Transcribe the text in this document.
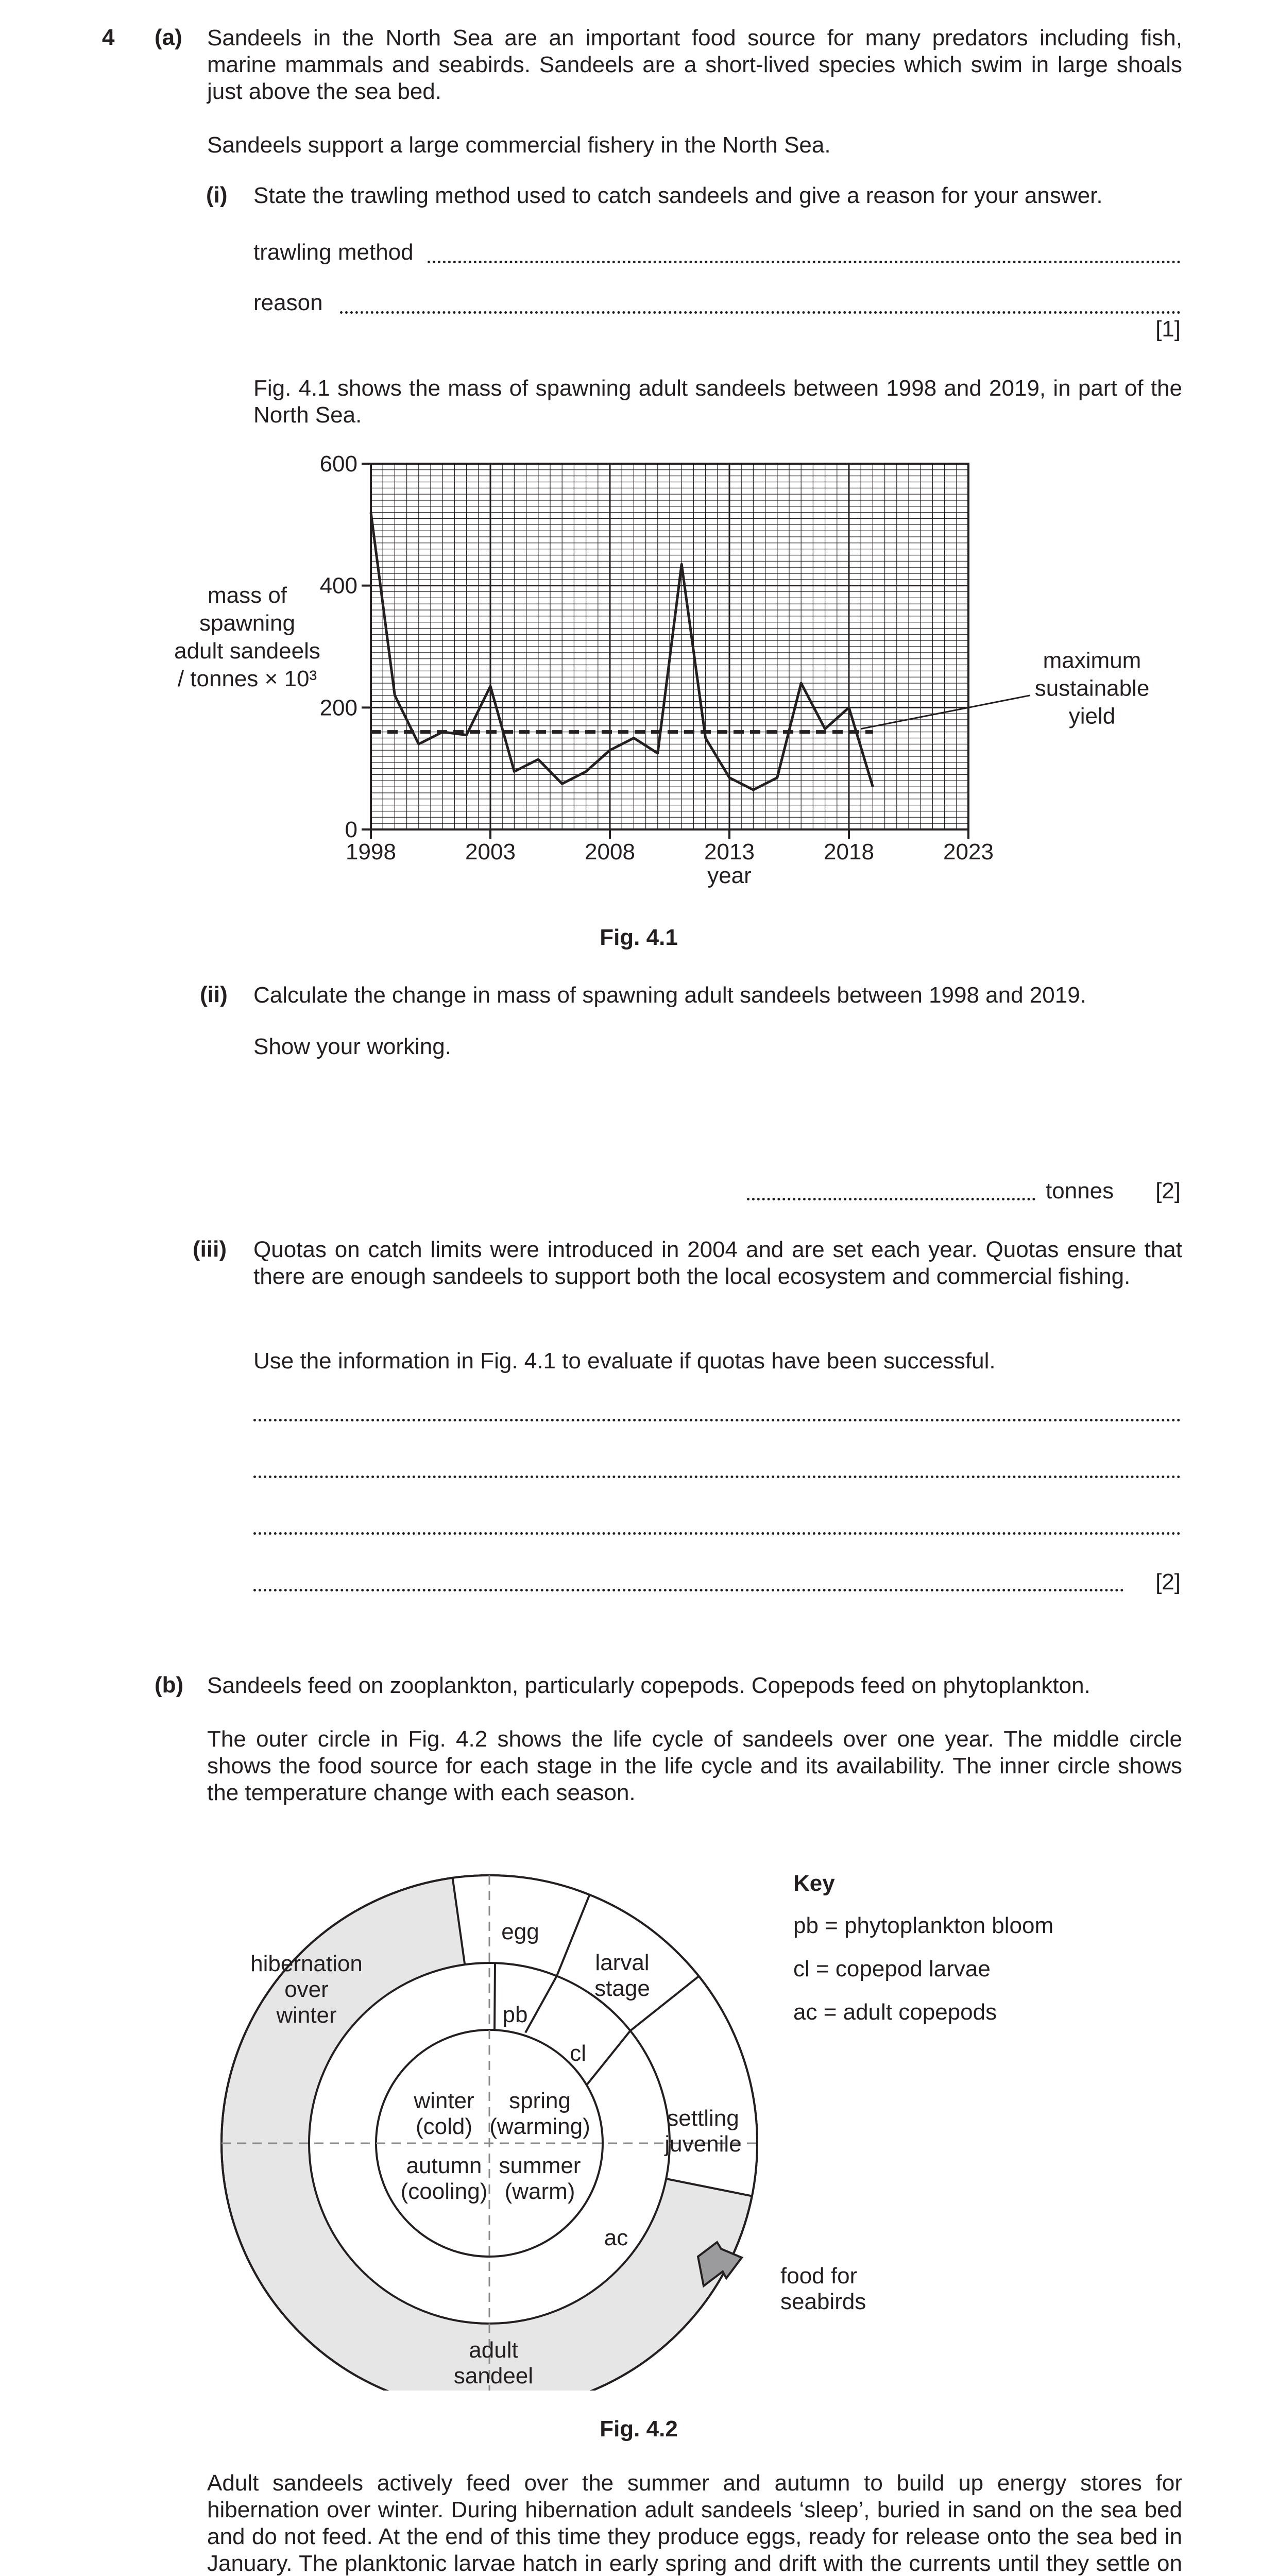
4 (a) Sandeels in the North Sea are an important food source for many predators including fish, marine mammals and seabirds. Sandeels are a short-lived species which swim in large shoals just above the sea bed.

Sandeels support a large commercial fishery in the North Sea.

(i) State the trawling method used to catch sandeels and give a reason for your answer.

trawling method
reason
[1]

Fig. 4.1 shows the mass of spawning adult sandeels between 1998 and 2019, in part of the North Sea.

0
200
400
600
1998	2003	2008	2013	2018	2023
year
mass of
spawning
adult sandeels
/ tonnes × 10³
maximum
sustainable
yield
Fig. 4.1
(ii) Calculate the change in mass of spawning adult sandeels between 1998 and 2019.

Show your working.

tonnes [2]
(iii) Quotas on catch limits were introduced in 2004 and are set each year. Quotas ensure that there are enough sandeels to support both the local ecosystem and commercial fishing.

Use the information in Fig. 4.1 to evaluate if quotas have been successful.

[2]
(b) Sandeels feed on zooplankton, particularly copepods. Copepods feed on phytoplankton.

The outer circle in Fig. 4.2 shows the life cycle of sandeels over one year. The middle circle shows the food source for each stage in the life cycle and its availability. The inner circle shows the temperature change with each season.

egg
larval
stage
settling
juvenile
adult
sandeel
hibernation
over
winter	pb
cl
ac
winter
(cold)
spring
(warming)
autumn
(cooling)
summer
(warm)
food for
seabirds
Key
pb = phytoplankton bloom
cl = copepod larvae
ac = adult copepods
Fig. 4.2

Adult sandeels actively feed over the summer and autumn to build up energy stores for hibernation over winter. During hibernation adult sandeels ‘sleep’, buried in sand on the sea bed and do not feed. At the end of this time they produce eggs, ready for release onto the sea bed in January. The planktonic larvae hatch in early spring and drift with the currents until they settle on
